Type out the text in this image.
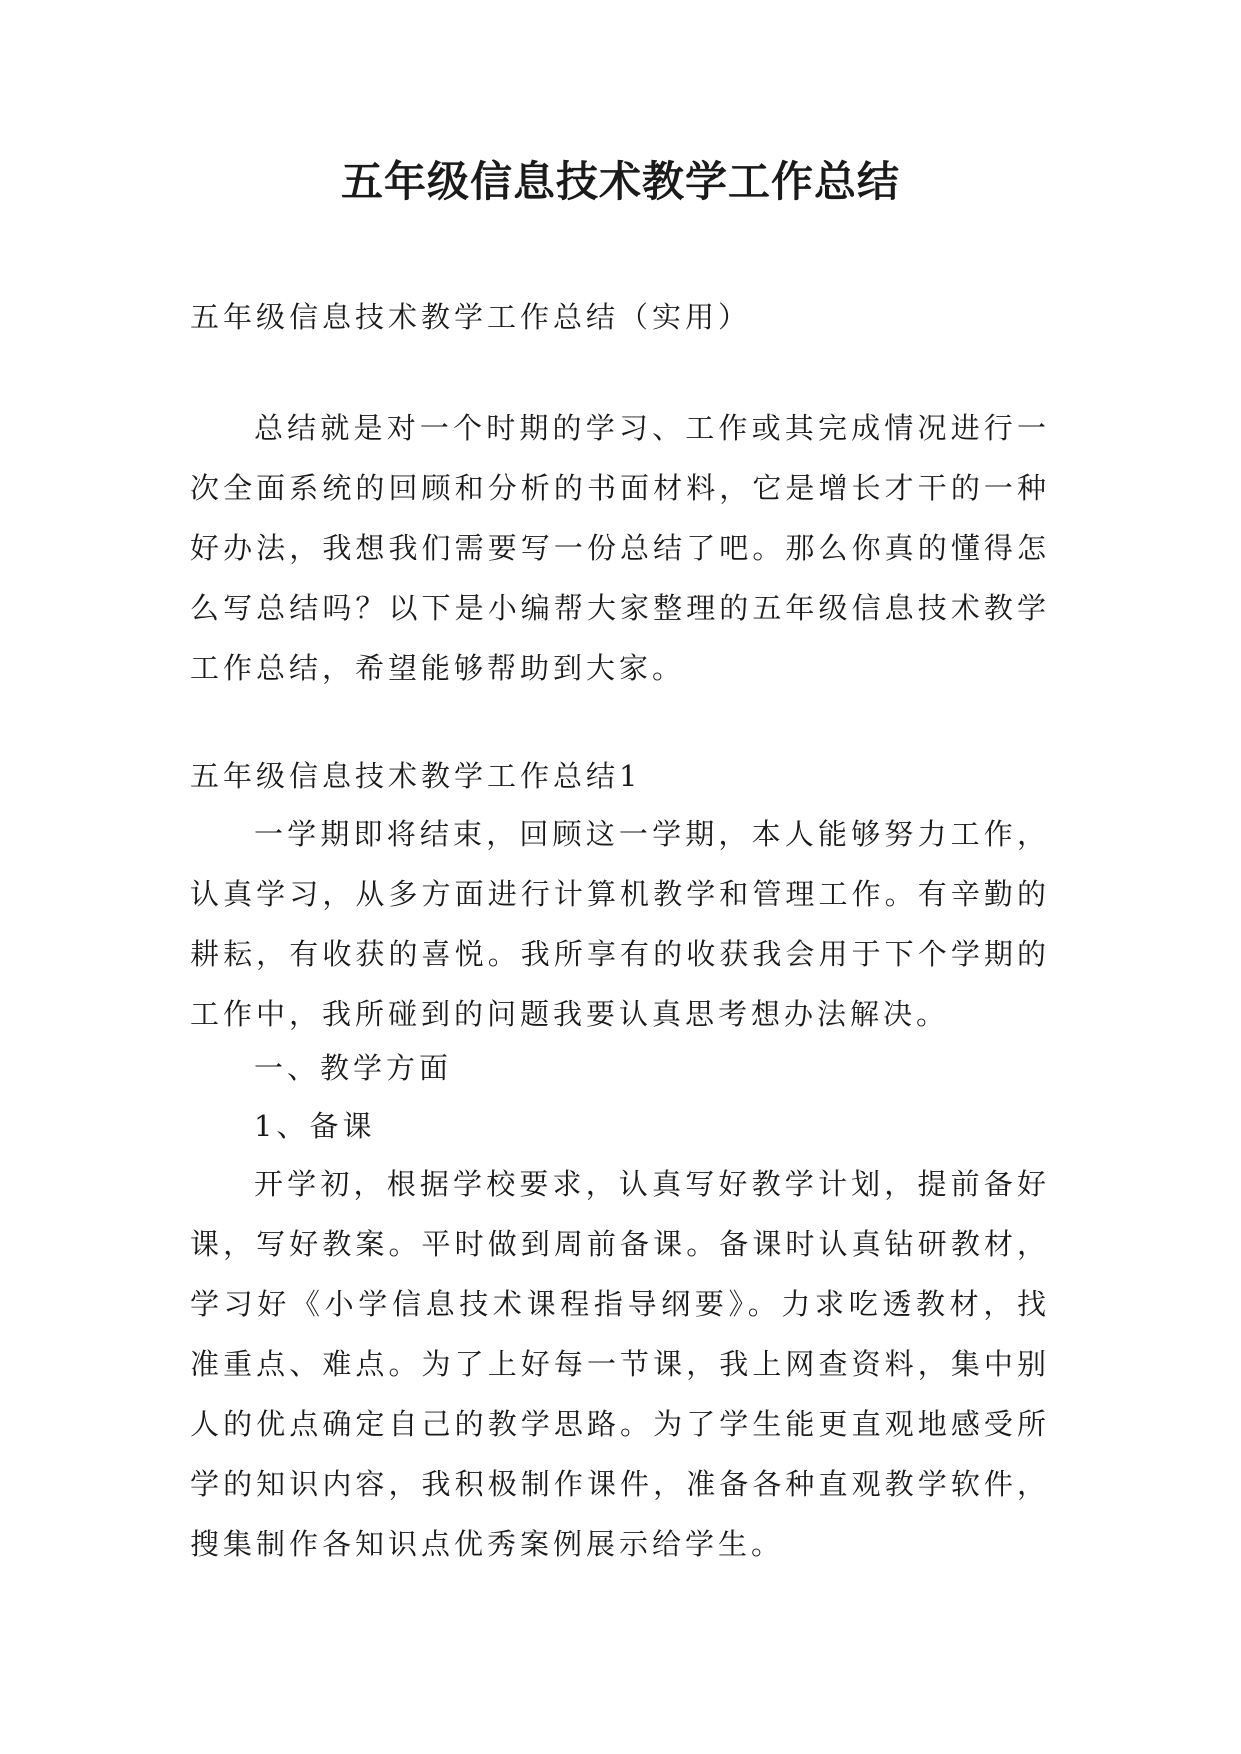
五年级信息技术教学工作总结

五年级信息技术教学工作总结（实用）

总结就是对一个时期的学习、工作或其完成情况进行一次全面系统的回顾和分析的书面材料，它是增长才干的一种好办法，我想我们需要写一份总结了吧。那么你真的懂得怎么写总结吗？以下是小编帮大家整理的五年级信息技术教学工作总结，希望能够帮助到大家。

五年级信息技术教学工作总结1

一学期即将结束，回顾这一学期，本人能够努力工作，认真学习，从多方面进行计算机教学和管理工作。有辛勤的耕耘，有收获的喜悦。我所享有的收获我会用于下个学期的工作中，我所碰到的问题我要认真思考想办法解决。

一、教学方面

1、备课

开学初，根据学校要求，认真写好教学计划，提前备好课，写好教案。平时做到周前备课。备课时认真钻研教材，学习好《小学信息技术课程指导纲要》。力求吃透教材，找准重点、难点。为了上好每一节课，我上网查资料，集中别人的优点确定自己的教学思路。为了学生能更直观地感受所学的知识内容，我积极制作课件，准备各种直观教学软件，搜集制作各知识点优秀案例展示给学生。
